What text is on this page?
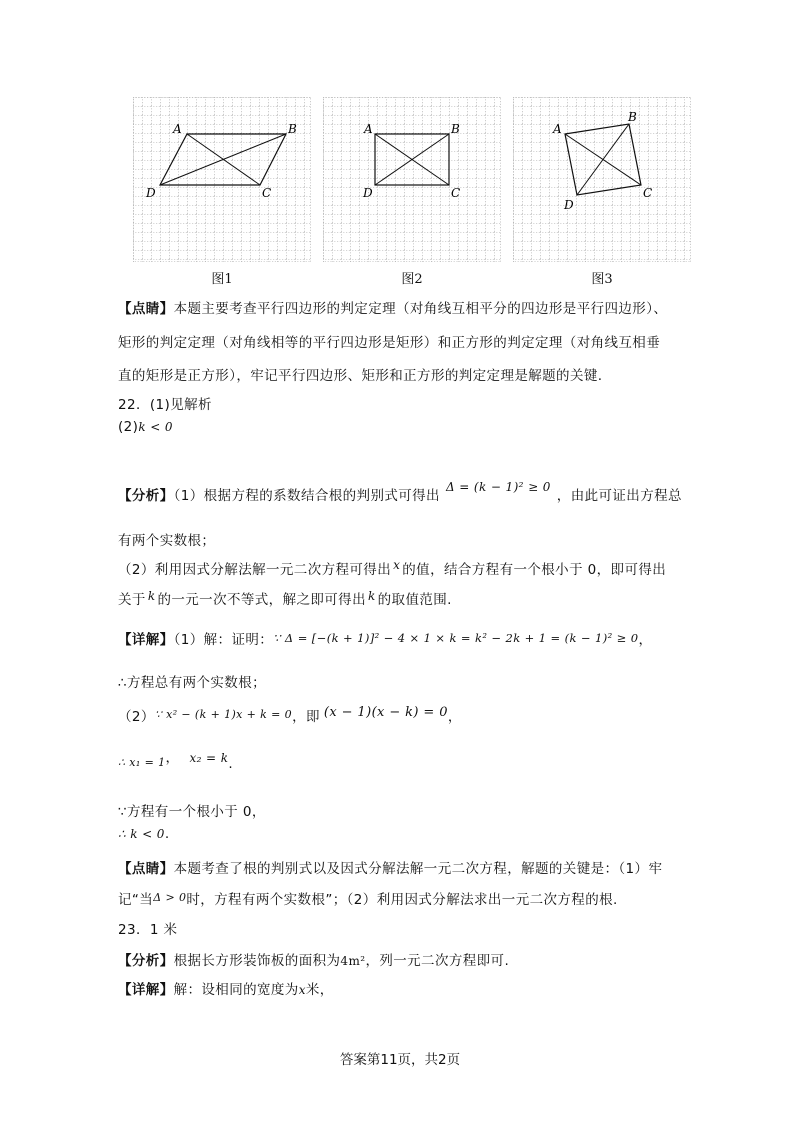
A	B
C
D
图1
A	B
C
D
图2
A
B
C
D
图3
【点睛】本题主要考查平行四边形的判定定理（对角线互相平分的四边形是平行四边形）、
矩形的判定定理（对角线相等的平行四边形是矩形）和正方形的判定定理（对角线互相垂
直的矩形是正方形），牢记平行四边形、矩形和正方形的判定定理是解题的关键.
22．(1)见解析
(2)k < 0
【分析】（1）根据方程的系数结合根的判别式可得出Δ = (k − 1)² ≥ 0，由此可证出方程总
有两个实数根；
（2）利用因式分解法解一元二次方程可得出 x 的值，结合方程有一个根小于 0，即可得出
关于 k 的一元一次不等式，解之即可得出 k 的取值范围.
【详解】（1）解：证明：∵ Δ = [−(k + 1)]² − 4 × 1 × k = k² − 2k + 1 = (k − 1)² ≥ 0，
∴方程总有两个实数根；
$(2)^{\because x^2 - (k + 1)x + k = 0}$，即 (x − 1)(x − k) = 0，
$_{\therefore x_1 = 1}$， x₂ = k.
∵方程有一个根小于 0，
∴ k < 0.
【点睛】本题考查了根的判别式以及因式分解法解一元二次方程，解题的关键是：（1）牢
记“当$^{\Delta > 0}$时，方程有两个实数根”；（2）利用因式分解法求出一元二次方程的根.
23．1 米
【分析】根据长方形装饰板的面积为4m²，列一元二次方程即可.
【详解】解：设相同的宽度为x米，
答案第11页，共2页
